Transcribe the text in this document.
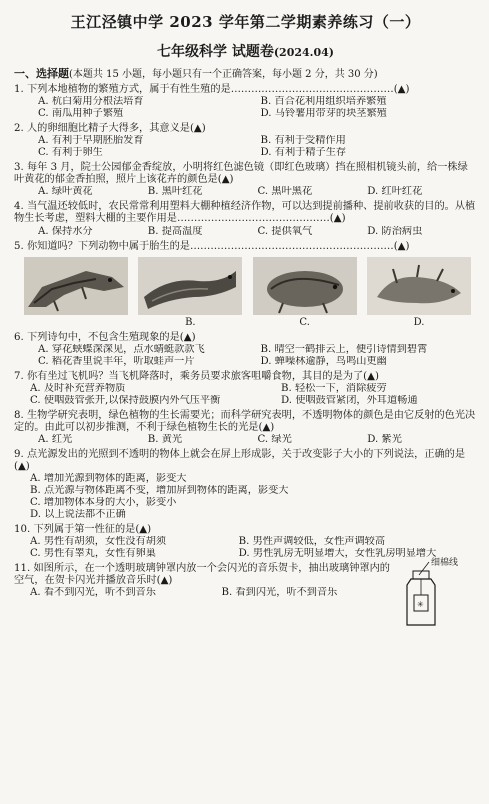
王江泾镇中学 2023 学年第二学期素养练习（一）
七年级科学 试题卷(2024.04)
一、选择题(本题共 15 小题，每小题只有一个正确答案，每小题 2 分，共 30 分)
1. 下列本地植物的繁殖方式，属于有性生殖的是…………………………………………(▲)
A. 杭白菊用分根法培育	B. 百合花利用组织培养繁殖
C. 南瓜用种子繁殖	D. 马铃薯用带芽的块茎繁殖
2. 人的卵细胞比精子大得多，其意义是(▲)
A. 有利于早期胚胎发育	B. 有利于受精作用
C. 有利于卵生	D. 有利于精子生存
3. 每年 3 月，院士公园郁金香绽放，小明将红色滤色镜（即红色玻璃）挡在照相机镜头前，给一株绿叶黄花的郁金香拍照，照片上该花卉的颜色是(▲)
A. 绿叶黄花	B. 黑叶红花	C. 黑叶黑花	D. 红叶红花
4. 当气温还较低时，农民常常利用塑料大棚种植经济作物，可以达到提前播种、提前收获的目的。从植物生长考虑，塑料大棚的主要作用是………………………………………(▲)
A. 保持水分	B. 提高温度	C. 提供氧气	D. 防治病虫
5. 你知道吗？下列动物中属于胎生的是……………………………………………………(▲)
B.	C.	D.
6. 下列诗句中，不包含生殖现象的是(▲)
A. 穿花蛱蝶深深见，点水蜻蜓款款飞	B. 晴空一鹤排云上，便引诗情到碧霄
C. 稻花香里说丰年，听取蛙声一片	D. 蝉噪林逾静，鸟鸣山更幽
7. 你有坐过飞机吗？当飞机降落时，乘务员要求旅客咀嚼食物，其目的是为了(▲)
A. 及时补充营养物质	B. 轻松一下，消除疲劳
C. 使咽鼓管张开,以保持鼓膜内外气压平衡	D. 使咽鼓管紧闭，外耳道畅通
8. 生物学研究表明，绿色植物的生长需要光；而科学研究表明，不透明物体的颜色是由它反射的色光决定的。由此可以初步推测，不利于绿色植物生长的光是(▲)
A. 红光	B. 黄光	C. 绿光	D. 紫光
9. 点光源发出的光照到不透明的物体上就会在屏上形成影，关于改变影子大小的下列说法，正确的是(▲)
A. 增加光源到物体的距离，影变大
B. 点光源与物体距离不变，增加屏到物体的距离，影变大
C. 增加物体本身的大小，影变小
D. 以上说法都不正确
10. 下列属于第一性征的是(▲)
A. 男性有胡须，女性没有胡须	B. 男性声调较低，女性声调较高
C. 男性有睾丸，女性有卵巢	D. 男性乳房无明显增大，女性乳房明显增大
11. 如图所示，在一个透明玻璃钟罩内放一个会闪光的音乐贺卡，抽出玻璃钟罩内的空气，在贺卡闪光并播放音乐时(▲)
A. 看不到闪光，听不到音乐	B. 看到闪光，听不到音乐
细棉线
✳
